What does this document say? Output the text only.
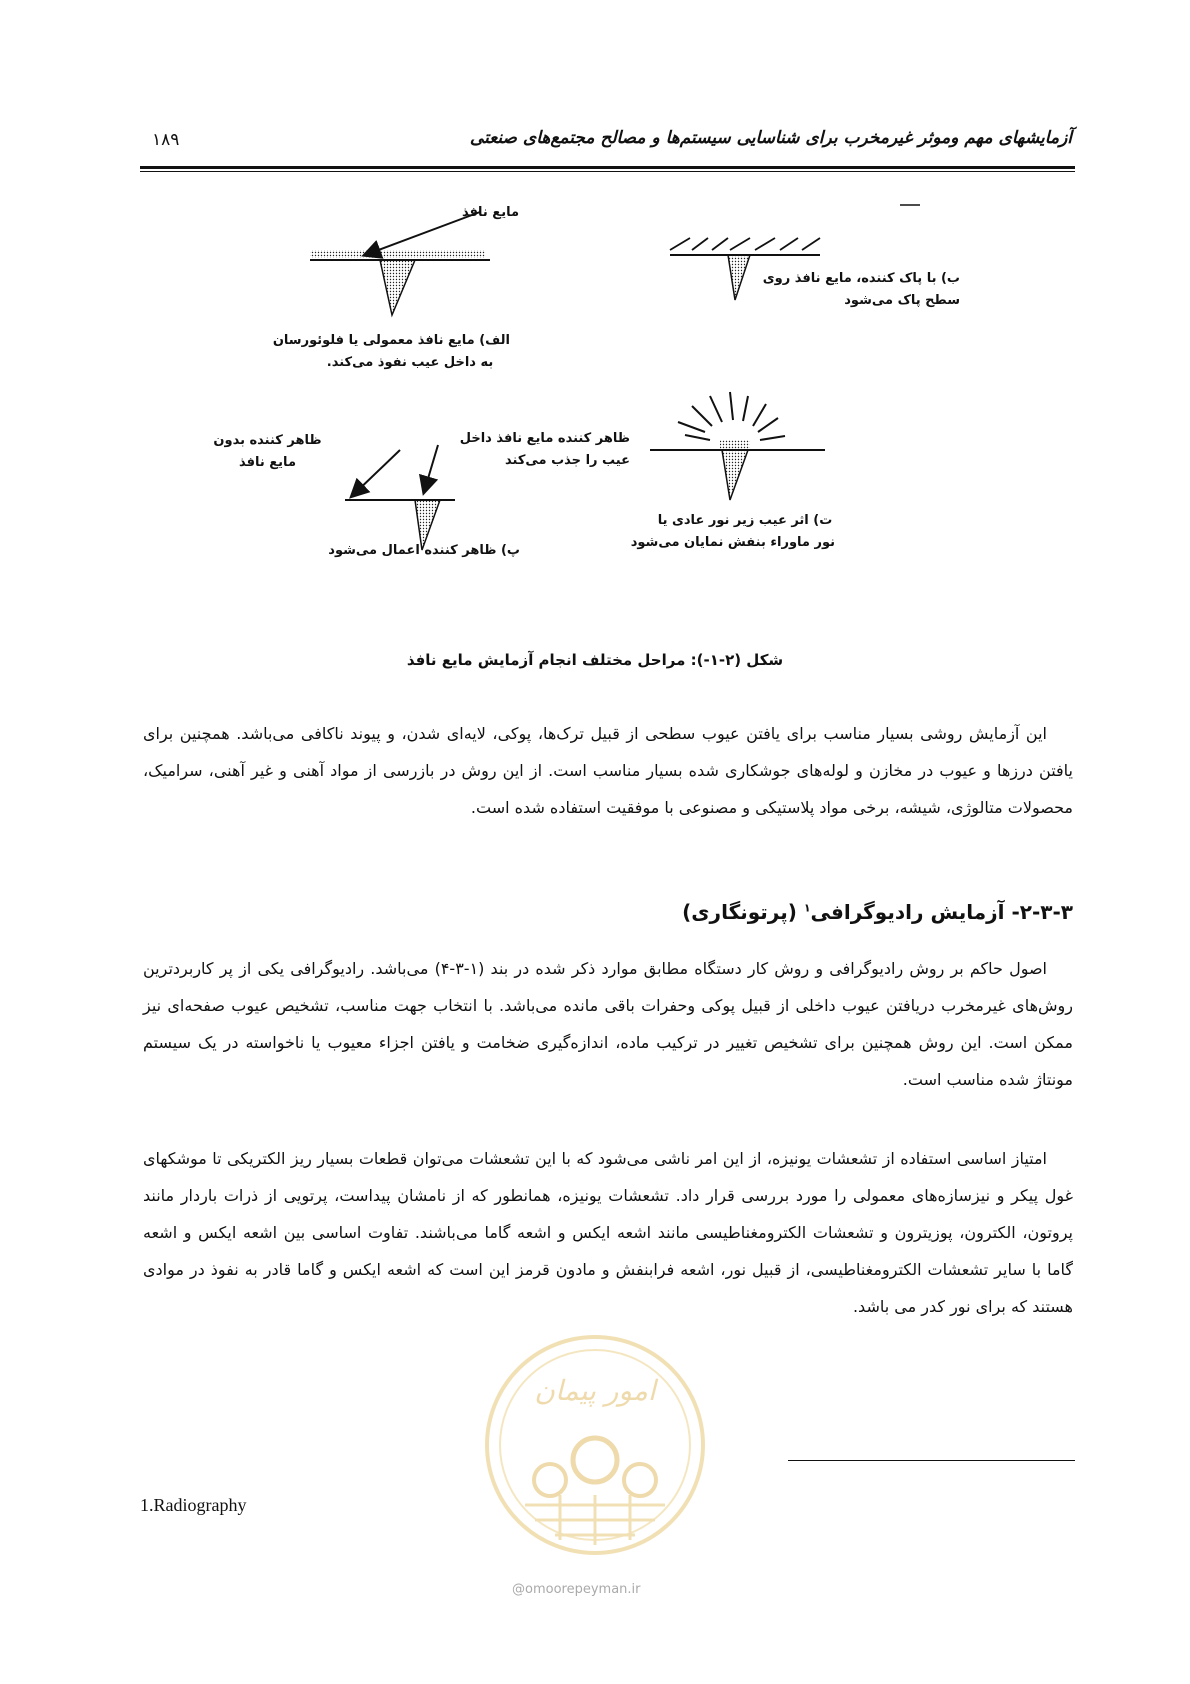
۱۸۹	آزمایشهای مهم وموثر غیرمخرب برای شناسایی سیستم‌ها و مصالح مجتمع‌های صنعتی
مایع نافذ
الف) مایع نافذ معمولی یا فلوئورسان
به داخل عیب نفوذ می‌کند.
ب) با پاک کننده، مایع نافذ روی
سطح پاک می‌شود
ظاهر کننده بدون
مایع نافذ
ظاهر کننده مایع نافذ داخل
عیب را جذب می‌کند
پ) ظاهر کننده اعمال می‌شود
ت) اثر عیب زیر نور عادی یا
نور ماوراء بنفش نمایان می‌شود
شکل (۲-۱-): مراحل مختلف انجام آزمایش مایع نافذ

این آزمایش روشی بسیار مناسب برای یافتن عیوب سطحی از قبیل ترک‌ها، پوکی، لایه‌ای شدن، و پیوند ناکافی می‌باشد. همچنین برای یافتن درزها و عیوب در مخازن و لوله‌های جوشکاری شده بسیار مناسب است. از این روش در بازرسی از مواد آهنی و غیر آهنی، سرامیک، محصولات متالوژی، شیشه، برخی مواد پلاستیکی و مصنوعی با موفقیت استفاده شده است.

۲-۳-۳- آزمایش رادیوگرافی$^۱$ (پرتونگاری)

اصول حاکم بر روش رادیوگرافی و روش کار دستگاه مطابق موارد ذکر شده در بند (۱-۳-۴) می‌باشد. رادیوگرافی یکی از پر کاربردترین روش‌های غیرمخرب دریافتن عیوب داخلی از قبیل پوکی وحفرات باقی مانده می‌باشد. با انتخاب جهت مناسب، تشخیص عیوب صفحه‌ای نیز ممکن است. این روش همچنین برای تشخیص تغییر در ترکیب ماده، اندازه‌گیری ضخامت و یافتن اجزاء معیوب یا ناخواسته در یک سیستم مونتاژ شده مناسب است.

امتیاز اساسی استفاده از تشعشات یونیزه، از این امر ناشی می‌شود که با این تشعشات می‌توان قطعات بسیار ریز الکتریکی تا موشکهای غول پیکر و نیزسازه‌های معمولی را مورد بررسی قرار داد. تشعشات یونیزه، همانطور که از نامشان پیداست، پرتویی از ذرات باردار مانند پروتون، الکترون، پوزیترون و تشعشات الکترومغناطیسی مانند اشعه ایکس و اشعه گاما می‌باشند. تفاوت اساسی بین اشعه ایکس و اشعه گاما با سایر تشعشات الکترومغناطیسی، از قبیل نور، اشعه فرابنفش و مادون قرمز این است که اشعه ایکس و گاما قادر به نفوذ در موادی هستند که برای نور کدر می باشد.

امور پیمان
@omoorepeyman.ir
1.Radiography
